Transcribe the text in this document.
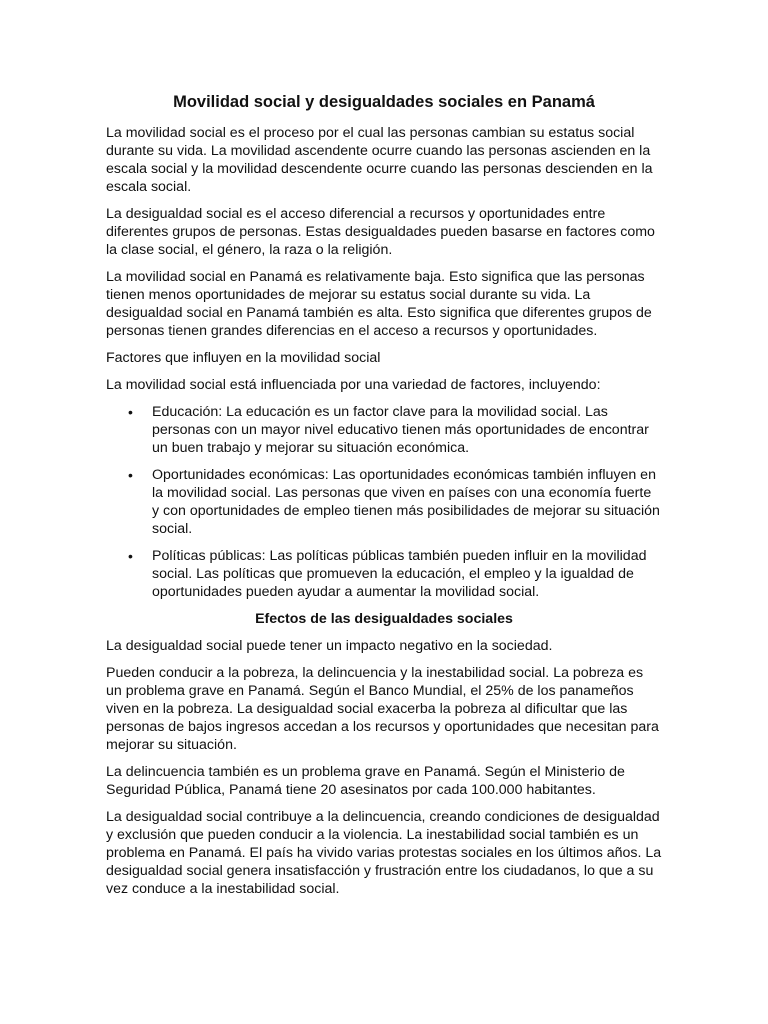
Movilidad social y desigualdades sociales en Panamá

La movilidad social es el proceso por el cual las personas cambian su estatus social durante su vida. La movilidad ascendente ocurre cuando las personas ascienden en la escala social y la movilidad descendente ocurre cuando las personas descienden en la escala social.

La desigualdad social es el acceso diferencial a recursos y oportunidades entre diferentes grupos de personas. Estas desigualdades pueden basarse en factores como la clase social, el género, la raza o la religión.

La movilidad social en Panamá es relativamente baja. Esto significa que las personas tienen menos oportunidades de mejorar su estatus social durante su vida. La desigualdad social en Panamá también es alta. Esto significa que diferentes grupos de personas tienen grandes diferencias en el acceso a recursos y oportunidades.

Factores que influyen en la movilidad social

La movilidad social está influenciada por una variedad de factores, incluyendo:

• Educación: La educación es un factor clave para la movilidad social. Las personas con un mayor nivel educativo tienen más oportunidades de encontrar un buen trabajo y mejorar su situación económica.
• Oportunidades económicas: Las oportunidades económicas también influyen en la movilidad social. Las personas que viven en países con una economía fuerte y con oportunidades de empleo tienen más posibilidades de mejorar su situación social.
• Políticas públicas: Las políticas públicas también pueden influir en la movilidad social. Las políticas que promueven la educación, el empleo y la igualdad de oportunidades pueden ayudar a aumentar la movilidad social.
Efectos de las desigualdades sociales

La desigualdad social puede tener un impacto negativo en la sociedad.

Pueden conducir a la pobreza, la delincuencia y la inestabilidad social. La pobreza es un problema grave en Panamá. Según el Banco Mundial, el 25% de los panameños viven en la pobreza. La desigualdad social exacerba la pobreza al dificultar que las personas de bajos ingresos accedan a los recursos y oportunidades que necesitan para mejorar su situación.

La delincuencia también es un problema grave en Panamá. Según el Ministerio de Seguridad Pública, Panamá tiene 20 asesinatos por cada 100.000 habitantes.

La desigualdad social contribuye a la delincuencia, creando condiciones de desigualdad y exclusión que pueden conducir a la violencia. La inestabilidad social también es un problema en Panamá. El país ha vivido varias protestas sociales en los últimos años. La desigualdad social genera insatisfacción y frustración entre los ciudadanos, lo que a su vez conduce a la inestabilidad social.
